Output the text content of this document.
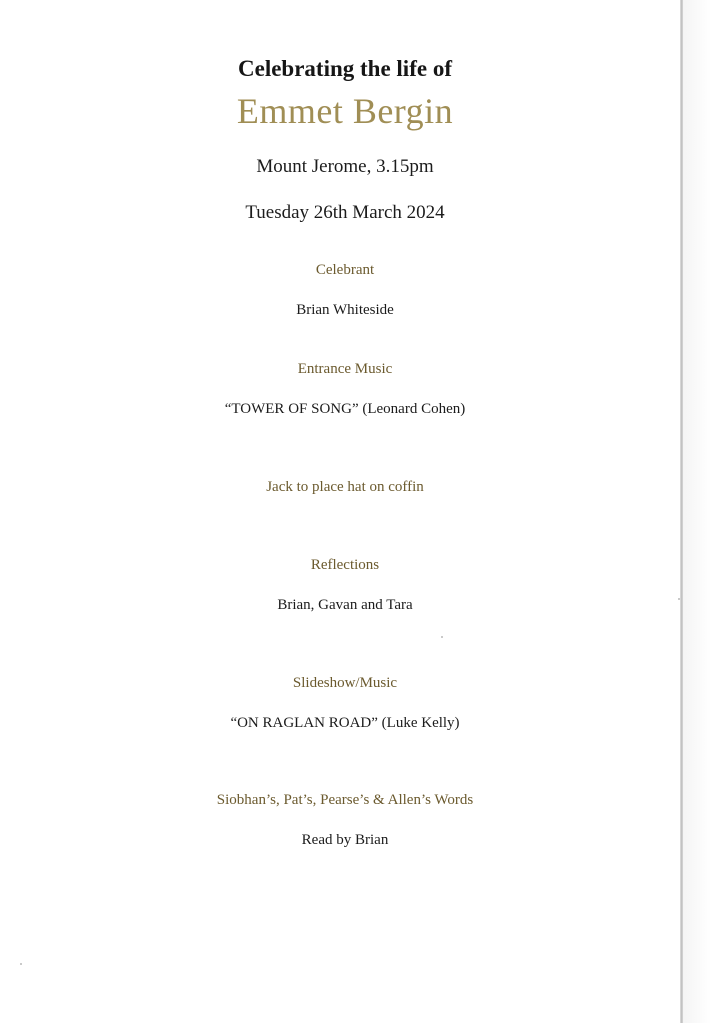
Celebrating the life of
Emmet Bergin
Mount Jerome, 3.15pm
Tuesday 26th March 2024
Celebrant
Brian Whiteside
Entrance Music
“TOWER OF SONG” (Leonard Cohen)
Jack to place hat on coffin
Reflections
Brian, Gavan and Tara
Slideshow/Music
“ON RAGLAN ROAD” (Luke Kelly)
Siobhan’s, Pat’s, Pearse’s & Allen’s Words
Read by Brian
